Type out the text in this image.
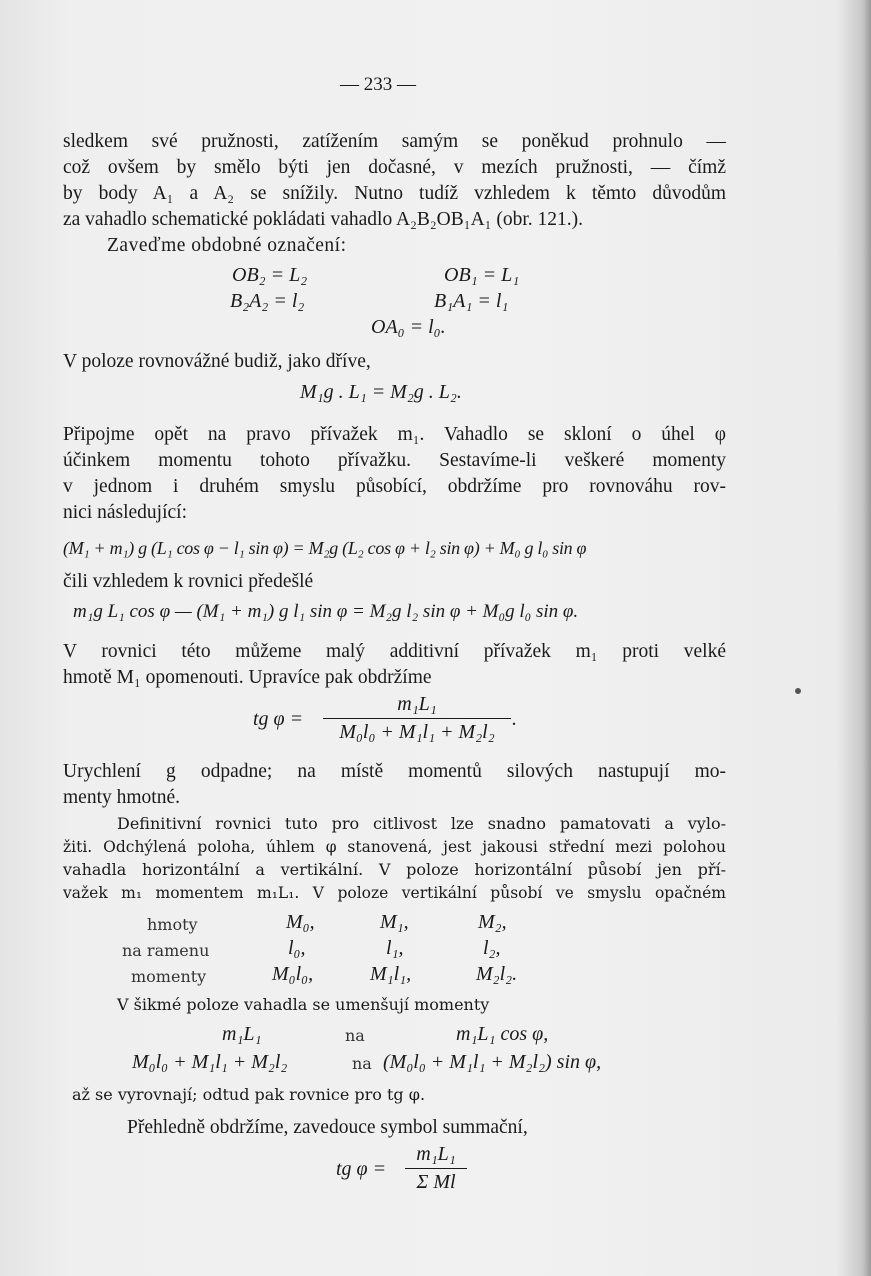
— 233 —
sledkem své pružnosti, zatížením samým se poněkud prohnulo —
což ovšem by smělo býti jen dočasné, v mezích pružnosti, — čímž
by body A₁ a A₂ se snížily. Nutno tudíž vzhledem k těmto důvodům
za vahadlo schematické pokládati vahadlo A₂B₂OB₁A₁ (obr. 121.).
Zaveďme obdobné označení:
OB₂ = L₂	OB₁ = L₁
B₂A₂ = l₂	B₁A₁ = l₁
OA₀ = l₀.
V poloze rovnovážné budiž, jako dříve,
M₁g . L₁ = M₂g . L₂.
Připojme opět na pravo přívažek m₁. Vahadlo se skloní o úhel φ
účinkem momentu tohoto přívažku. Sestavíme-li veškeré momenty
v jednom i druhém smyslu působící, obdržíme pro rovnováhu rov-
nici následující:
(M₁ + m₁) g (L₁ cos φ − l₁ sin φ) = M₂g (L₂ cos φ + l₂ sin φ) + M₀ g l₀ sin φ
čili vzhledem k rovnici předešlé
m₁g L₁ cos φ — (M₁ + m₁) g l₁ sin φ = M₂g l₂ sin φ + M₀g l₀ sin φ.
V rovnici této můžeme malý additivní přívažek m₁ proti velké
hmotě M₁ opomenouti. Upravíce pak obdržíme
tg $\varphi = \frac{\text{m₁L₁}}{\text{M₀l₀ + M₁l₁ + M₂l₂}}$ .
Urychlení g odpadne; na místě momentů silových nastupují mo-
menty hmotné.
Definitivní rovnici tuto pro citlivost lze snadno pamatovati a vylo-
žiti. Odchýlená poloha, úhlem φ stanovená, jest jakousi střední mezi polohou
vahadla horizontální a vertikální. V poloze horizontální působí jen pří-
važek m₁ momentem m₁L₁. V poloze vertikální působí ve smyslu opačném
hmoty	M₀,	M₁,	M₂,
na ramenu	l₀,	l₁,	l₂,
momenty	M₀l₀,	M₁l₁,	M₂l₂.
V šikmé poloze vahadla se umenšují momenty
m₁L₁	na	m₁L₁ cos φ,
M₀l₀ + M₁l₁ + M₂l₂	na (M₀l₀ + M₁l₁ + M₂l₂) sin φ,
až se vyrovnají; odtud pak rovnice pro tg φ.
Přehledně obdržíme, zavedouce symbol summační,
tg $\varphi = \frac{\text{m₁L₁}}{\text{Σ Ml}}$
